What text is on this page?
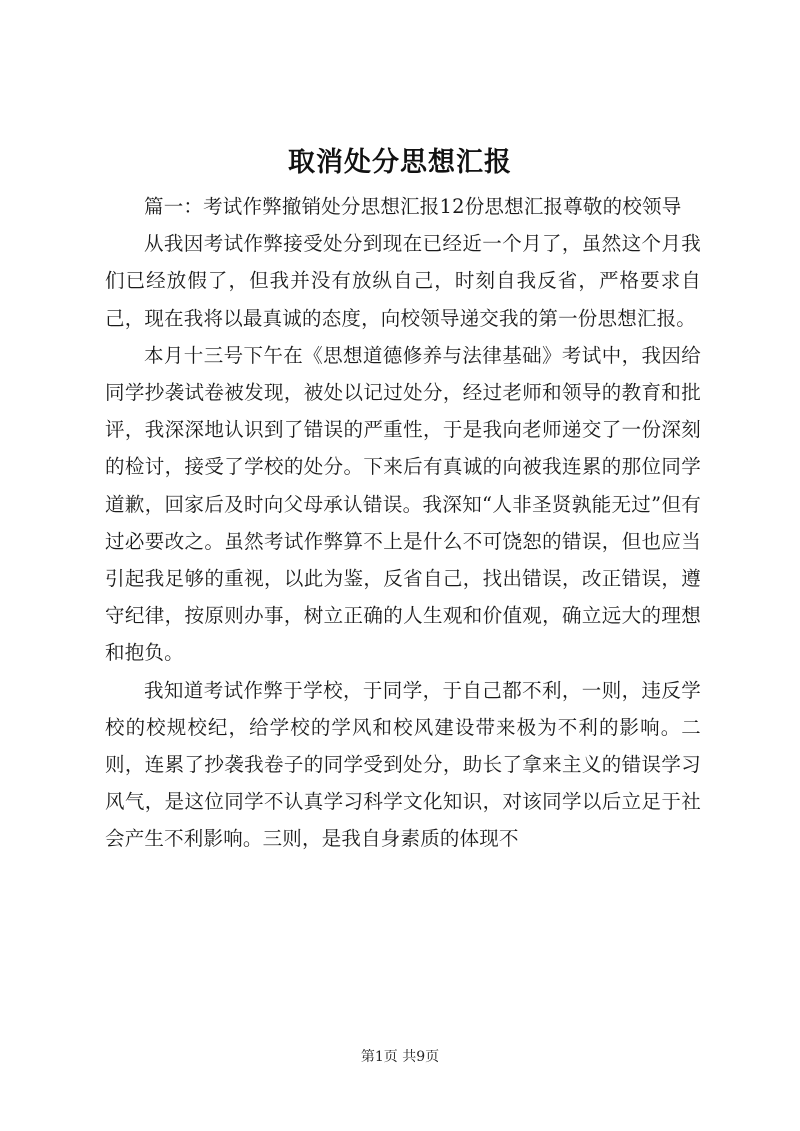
取消处分思想汇报

篇一：考试作弊撤销处分思想汇报12份思想汇报尊敬的校领导

从我因考试作弊接受处分到现在已经近一个月了，虽然这个月我们已经放假了，但我并没有放纵自己，时刻自我反省，严格要求自己，现在我将以最真诚的态度，向校领导递交我的第一份思想汇报。

本月十三号下午在《思想道德修养与法律基础》考试中，我因给同学抄袭试卷被发现，被处以记过处分，经过老师和领导的教育和批评，我深深地认识到了错误的严重性，于是我向老师递交了一份深刻的检讨，接受了学校的处分。下来后有真诚的向被我连累的那位同学道歉，回家后及时向父母承认错误。我深知“人非圣贤孰能无过”但有过必要改之。虽然考试作弊算不上是什么不可饶恕的错误，但也应当引起我足够的重视，以此为鉴，反省自己，找出错误，改正错误，遵守纪律，按原则办事，树立正确的人生观和价值观，确立远大的理想和抱负。

我知道考试作弊于学校，于同学，于自己都不利，一则，违反学校的校规校纪，给学校的学风和校风建设带来极为不利的影响。二则，连累了抄袭我卷子的同学受到处分，助长了拿来主义的错误学习风气，是这位同学不认真学习科学文化知识，对该同学以后立足于社会产生不利影响。三则，是我自身素质的体现不

第1页 共9页
